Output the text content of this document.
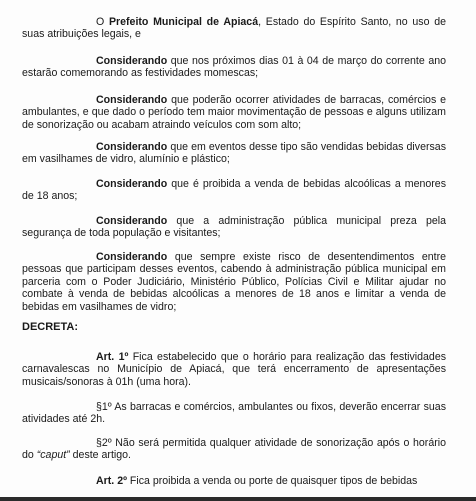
O Prefeito Municipal de Apiacá, Estado do Espírito Santo, no uso de suas atribuições legais, e

Considerando que nos próximos dias 01 à 04 de março do corrente ano estarão comemorando as festividades momescas;

Considerando que poderão ocorrer atividades de barracas, comércios e ambulantes, e que dado o período tem maior movimentação de pessoas e alguns utilizam de sonorização ou acabam atraindo veículos com som alto;

Considerando que em eventos desse tipo são vendidas bebidas diversas em vasilhames de vidro, alumínio e plástico;

Considerando que é proibida a venda de bebidas alcoólicas a menores de 18 anos;

Considerando que a administração pública municipal preza pela segurança de toda população e visitantes;

Considerando que sempre existe risco de desentendimentos entre pessoas que participam desses eventos, cabendo à administração pública municipal em parceria com o Poder Judiciário, Ministério Público, Polícias Civil e Militar ajudar no combate à venda de bebidas alcoólicas a menores de 18 anos e limitar a venda de bebidas em vasilhames de vidro;

DECRETA:

Art. 1º Fica estabelecido que o horário para realização das festividades carnavalescas no Município de Apiacá, que terá encerramento de apresentações musicais/sonoras à 01h (uma hora).

§1º As barracas e comércios, ambulantes ou fixos, deverão encerrar suas atividades até 2h.

§2º Não será permitida qualquer atividade de sonorização após o horário do “caput” deste artigo.

Art. 2º Fica proibida a venda ou porte de quaisquer tipos de bebidas
